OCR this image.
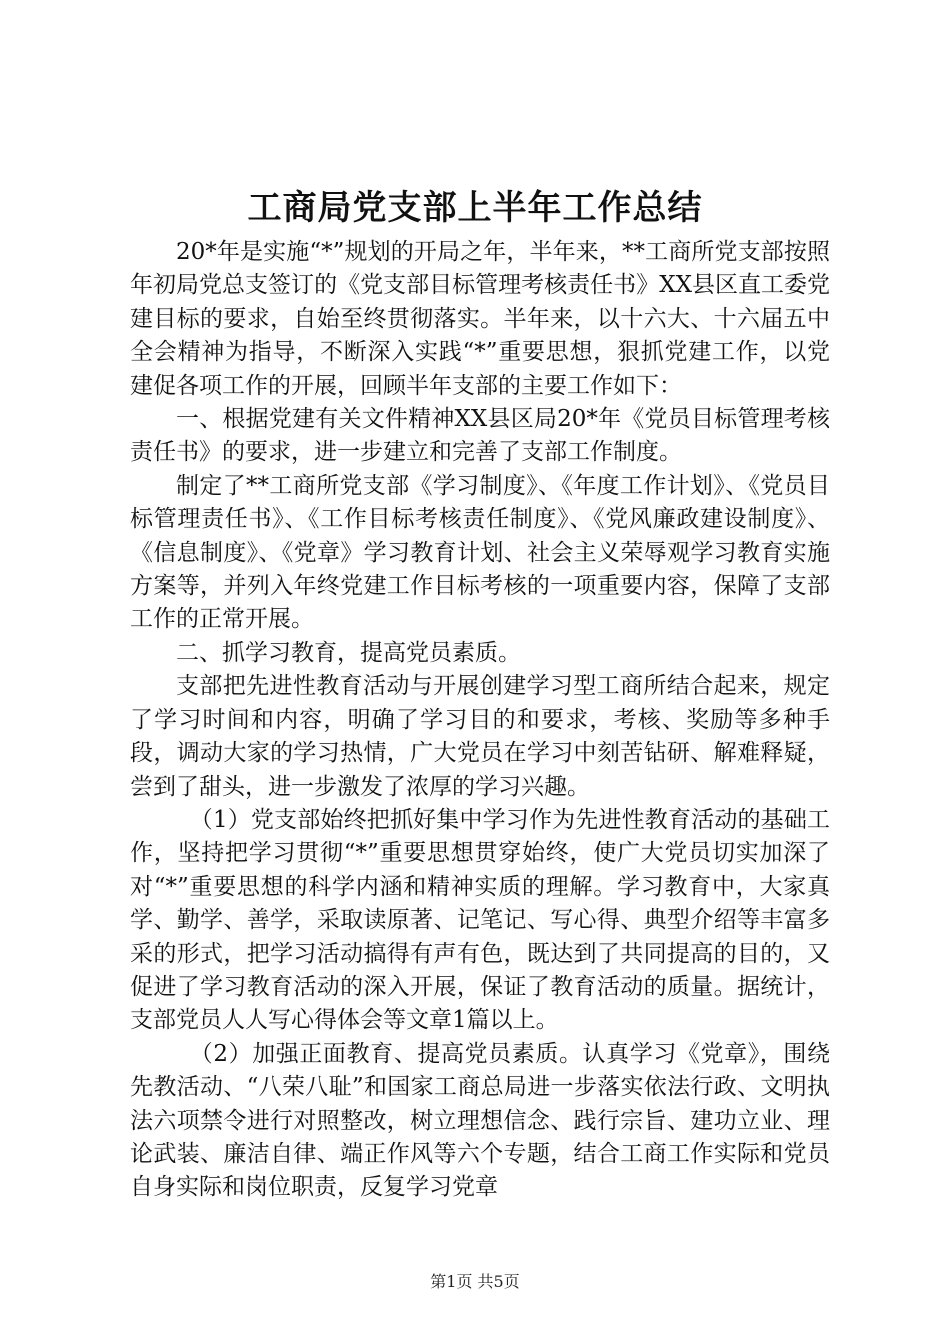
工商局党支部上半年工作总结

20*年是实施“*”规划的开局之年，半年来，**工商所党支部按照年初局党总支签订的《党支部目标管理考核责任书》XX县区直工委党建目标的要求，自始至终贯彻落实。半年来，以十六大、十六届五中全会精神为指导，不断深入实践“*”重要思想，狠抓党建工作，以党建促各项工作的开展，回顾半年支部的主要工作如下：

一、根据党建有关文件精神XX县区局20*年《党员目标管理考核责任书》的要求，进一步建立和完善了支部工作制度。

制定了**工商所党支部《学习制度》、《年度工作计划》、《党员目标管理责任书》、《工作目标考核责任制度》、《党风廉政建设制度》、《信息制度》、《党章》学习教育计划、社会主义荣辱观学习教育实施方案等，并列入年终党建工作目标考核的一项重要内容，保障了支部工作的正常开展。

二、抓学习教育，提高党员素质。

支部把先进性教育活动与开展创建学习型工商所结合起来，规定了学习时间和内容，明确了学习目的和要求，考核、奖励等多种手段，调动大家的学习热情，广大党员在学习中刻苦钻研、解难释疑，尝到了甜头，进一步激发了浓厚的学习兴趣。

（1）党支部始终把抓好集中学习作为先进性教育活动的基础工作，坚持把学习贯彻“*”重要思想贯穿始终，使广大党员切实加深了对“*”重要思想的科学内涵和精神实质的理解。学习教育中，大家真学、勤学、善学，采取读原著、记笔记、写心得、典型介绍等丰富多采的形式，把学习活动搞得有声有色，既达到了共同提高的目的，又促进了学习教育活动的深入开展，保证了教育活动的质量。据统计，支部党员人人写心得体会等文章1篇以上。

（2）加强正面教育、提高党员素质。认真学习《党章》，围绕先教活动、“八荣八耻”和国家工商总局进一步落实依法行政、文明执法六项禁令进行对照整改，树立理想信念、践行宗旨、建功立业、理论武装、廉洁自律、端正作风等六个专题，结合工商工作实际和党员自身实际和岗位职责，反复学习党章

第1页 共5页
